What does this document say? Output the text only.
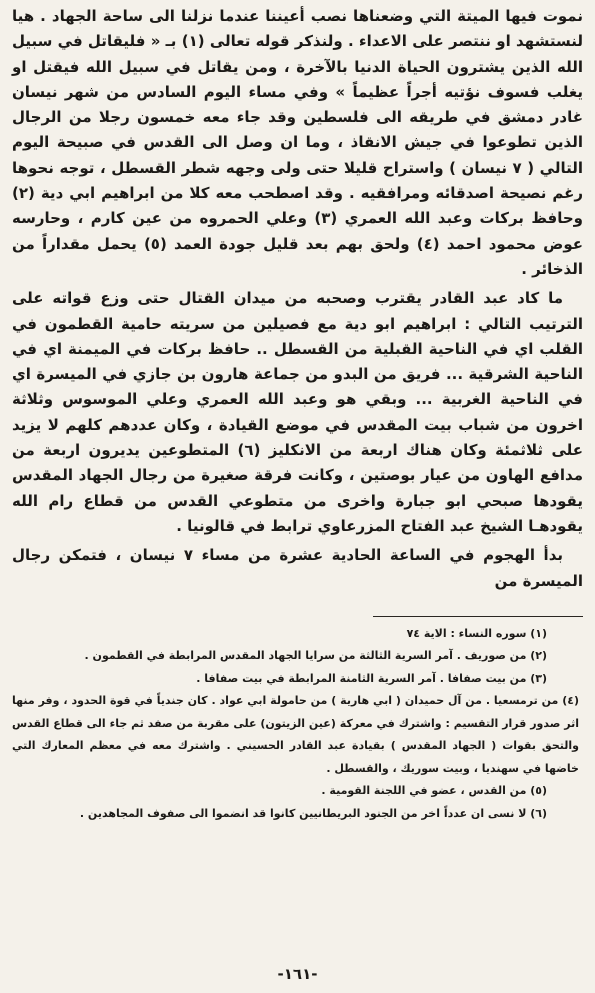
نموت فيها الميتة التي وضعناها نصب أعيننا عندما نزلنا الى ساحة الجهاد . هيا لنستشهد او ننتصر على الاعداء . ولنذكر قوله تعالى (١) بـ « فليقاتل في سبيل الله الذين يشترون الحياة الدنيا بالآخرة ، ومن يقاتل في سبيل الله فيقتل او يغلب فسوف نؤتيه أجراً عظيماً » وفي مساء اليوم السادس من شهر نيسان غادر دمشق في طريقه الى فلسطين وقد جاء معه خمسون رجلا من الرجال الذين تطوعوا في جيش الانقاذ ، وما ان وصل الى القدس في صبيحة اليوم التالي ( ٧ نيسان ) واستراح قليلا حتى ولى وجهه شطر القسطل ، توجه نحوها رغم نصيحة اصدقائه ومرافقيه . وقد اصطحب معه كلا من ابراهيم ابي دية (٢) وحافظ بركات وعبد الله العمري (٣) وعلي الحمروه من عين كارم ، وحارسه عوض محمود احمد (٤) ولحق بهم بعد قليل جودة العمد (٥) يحمل مقداراً من الذخائر .

ما كاد عبد القادر يقترب وصحبه من ميدان القتال حتى وزع قواته على الترتيب التالي : ابراهيم ابو دية مع فصيلين من سريته حامية القطمون في القلب اي في الناحية القبلية من القسطل .. حافظ بركات في الميمنة اي في الناحية الشرقية ... فريق من البدو من جماعة هارون بن جازي في الميسرة اي في الناحية الغربية ... وبقي هو وعبد الله العمري وعلي الموسوس وثلاثة اخرون من شباب بيت المقدس في موضع القيادة ، وكان عددهم كلهم لا يزيد على ثلاثمئة وكان هناك اربعة من الانكليز (٦) المتطوعين يديرون اربعة من مدافع الهاون من عيار بوصتين ، وكانت فرقة صغيرة من رجال الجهاد المقدس يقودها صبحي ابو جبارة واخرى من متطوعي القدس من قطاع رام الله يقودهـا الشيخ عبد الفتاح المزرعاوي ترابط في قالونيا .

بدأ الهجوم في الساعة الحادية عشرة من مساء ٧ نيسان ، فتمكن رجال الميسرة من

(١) سوره النساء : الاية ٧٤

(٢) من صوريف . آمر السرية الثالثة من سرايا الجهاد المقدس المرابطة في القطمون .

(٣) من بيت صفافا . آمر السرية الثامنة المرابطة في بيت صفافا .

(٤) من ترمسعيا . من آل حميدان ( ابي هارية ) من حامولة ابي عواد . كان جندياً في قوة الحدود ، وفر منها اثر صدور قرار التقسيم : واشترك في معركة (عين الزيتون) على مقربة من صفد ثم جاء الى قطاع القدس والتحق بقوات ( الجهاد المقدس ) بقيادة عبد القادر الحسيني . واشترك معه في معظم المعارك التي خاضها في سهنديا ، وبيت سوريك ، والقسطل .

(٥) من القدس ، عضو في اللجنة القومية .

(٦) لا نسى ان عدداً اخر من الجنود البريطانيين كانوا قد انضموا الى صفوف المجاهدين .

-١٦١-
